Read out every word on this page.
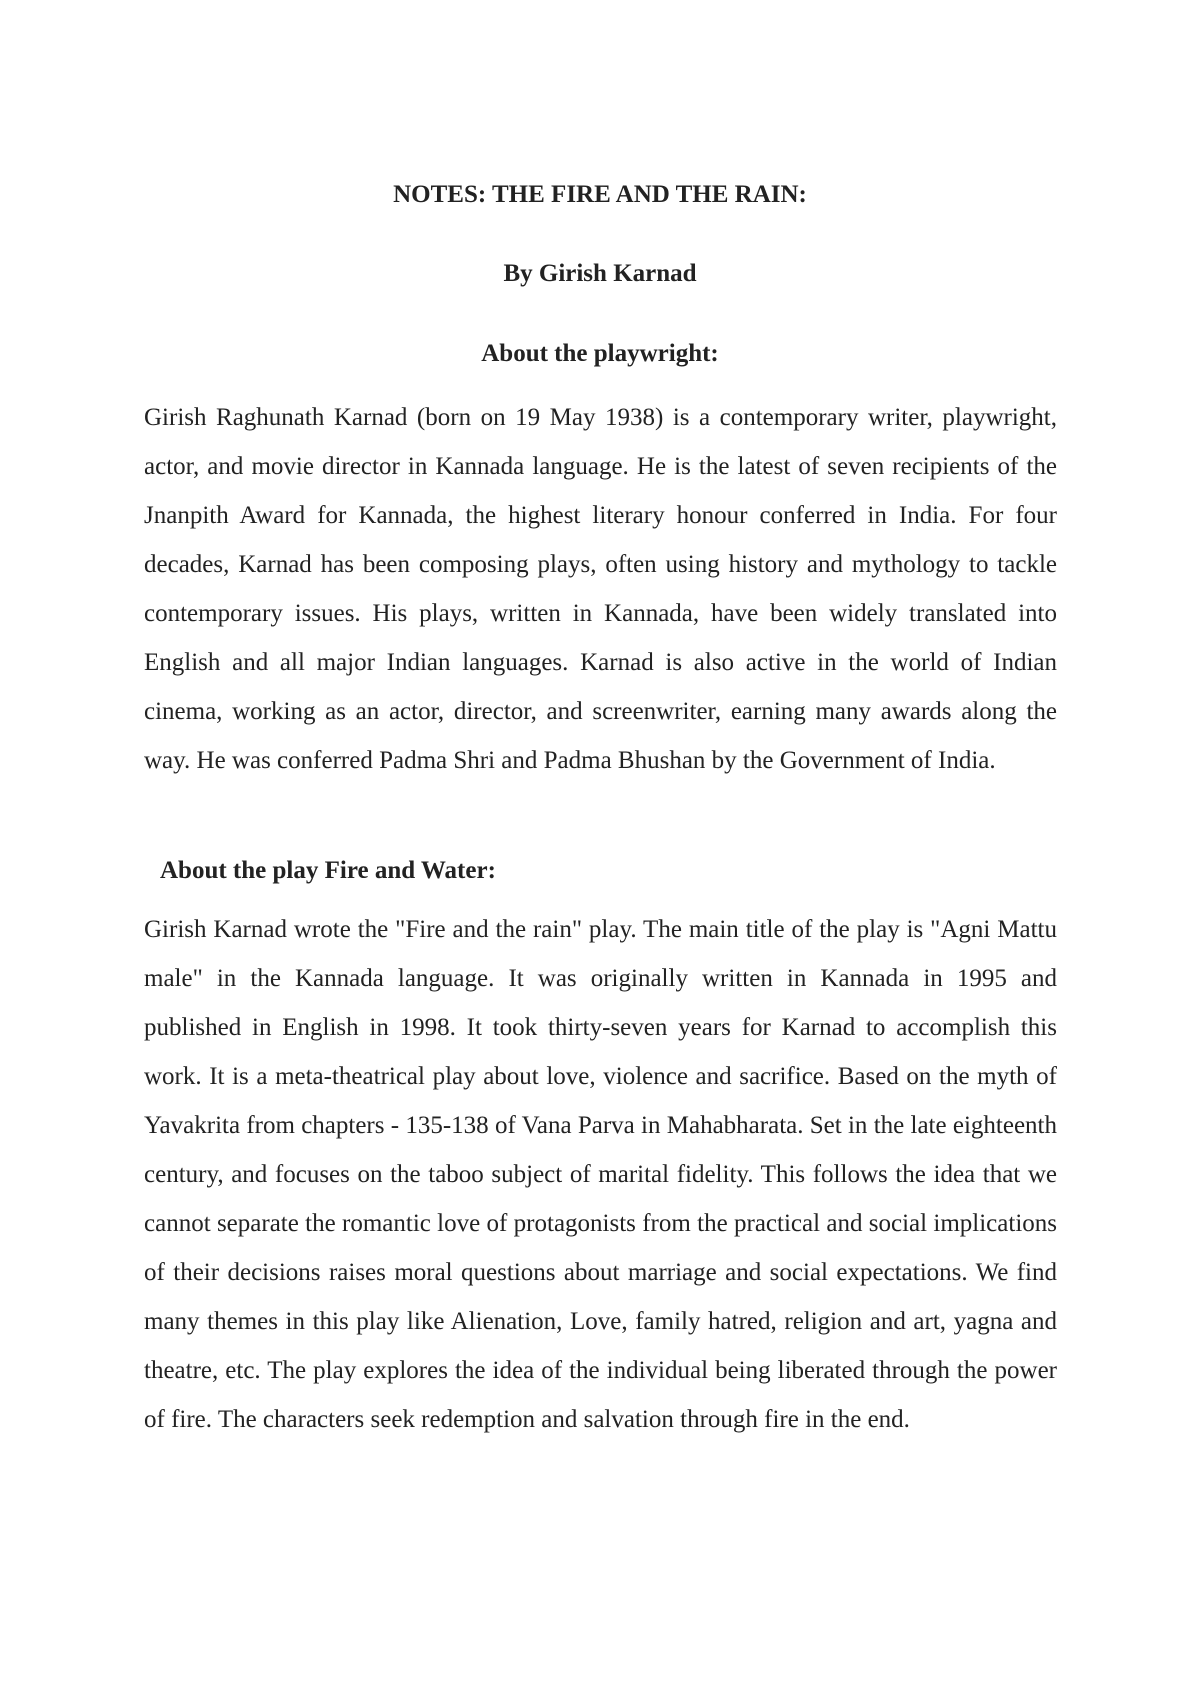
NOTES: THE FIRE AND THE RAIN:
By Girish Karnad
About the playwright:

Girish Raghunath Karnad (born on 19 May 1938) is a contemporary writer, playwright, actor, and movie director in Kannada language. He is the latest of seven recipients of the Jnanpith Award for Kannada, the highest literary honour conferred in India. For four decades, Karnad has been composing plays, often using history and mythology to tackle contemporary issues. His plays, written in Kannada, have been widely translated into English and all major Indian languages. Karnad is also active in the world of Indian cinema, working as an actor, director, and screenwriter, earning many awards along the way. He was conferred Padma Shri and Padma Bhushan by the Government of India.

About the play Fire and Water:

Girish Karnad wrote the "Fire and the rain" play. The main title of the play is "Agni Mattu male" in the Kannada language. It was originally written in Kannada in 1995 and published in English in 1998. It took thirty-seven years for Karnad to accomplish this work. It is a meta-theatrical play about love, violence and sacrifice. Based on the myth of Yavakrita from chapters - 135-138 of Vana Parva in Mahabharata. Set in the late eighteenth century, and focuses on the taboo subject of marital fidelity. This follows the idea that we cannot separate the romantic love of protagonists from the practical and social implications of their decisions raises moral questions about marriage and social expectations. We find many themes in this play like Alienation, Love, family hatred, religion and art, yagna and theatre, etc. The play explores the idea of the individual being liberated through the power of fire. The characters seek redemption and salvation through fire in the end.
